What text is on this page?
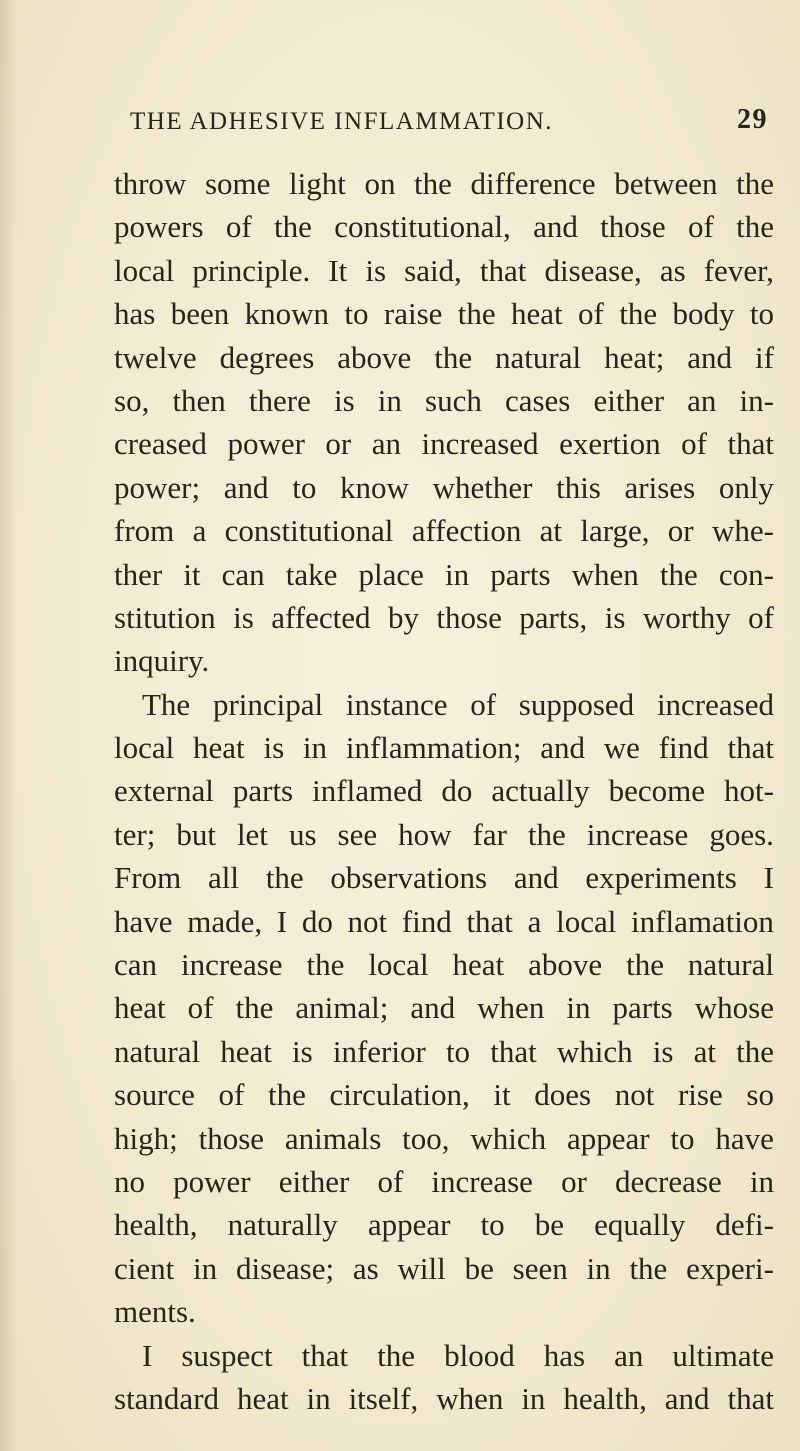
THE ADHESIVE INFLAMMATION.	29
throw some light on the difference between the
powers of the constitutional, and those of the
local principle. It is said, that disease, as fever,
has been known to raise the heat of the body to
twelve degrees above the natural heat; and if
so, then there is in such cases either an in-
creased power or an increased exertion of that
power; and to know whether this arises only
from a constitutional affection at large, or whe-
ther it can take place in parts when the con-
stitution is affected by those parts, is worthy of
inquiry.
The principal instance of supposed increased
local heat is in inflammation; and we find that
external parts inflamed do actually become hot-
ter; but let us see how far the increase goes.
From all the observations and experiments I
have made, I do not find that a local inflamation
can increase the local heat above the natural
heat of the animal; and when in parts whose
natural heat is inferior to that which is at the
source of the circulation, it does not rise so
high; those animals too, which appear to have
no power either of increase or decrease in
health, naturally appear to be equally defi-
cient in disease; as will be seen in the experi-
ments.
I suspect that the blood has an ultimate
standard heat in itself, when in health, and that
